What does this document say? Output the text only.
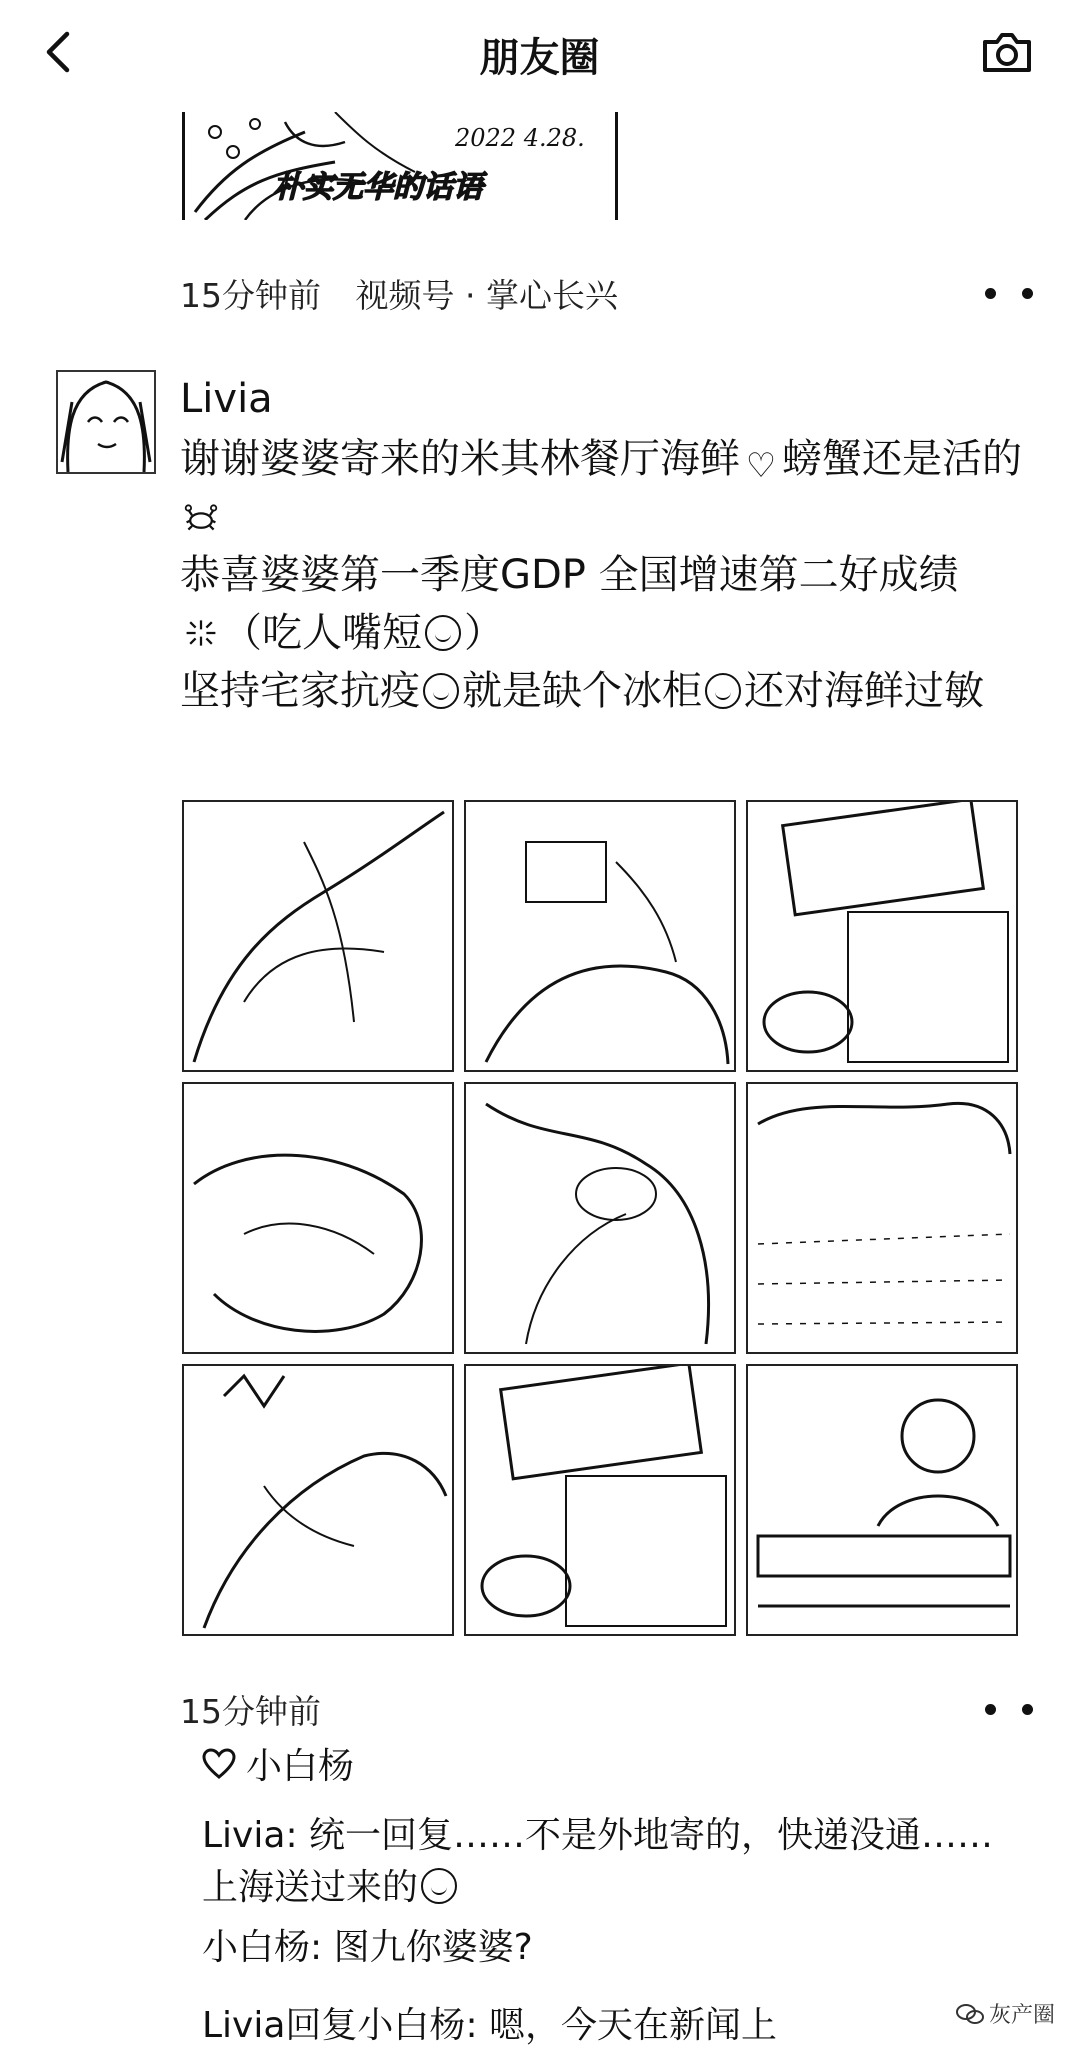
朋友圈
2022 4.28.
朴实无华的话语
15分钟前 视频号 · 掌心长兴
Livia

谢谢婆婆寄来的米其林餐厅海鲜 ♡ 螃蟹还是活的

恭喜婆婆第一季度GDP 全国增速第二好成绩

（吃人嘴短 ）

坚持宅家抗疫 就是缺个冰柜 还对海鲜过敏

15分钟前
小白杨
Livia: 统一回复……不是外地寄的，快递没通……上海送过来的
小白杨: 图九你婆婆?
Livia回复小白杨: 嗯，今天在新闻上	灰产圈
